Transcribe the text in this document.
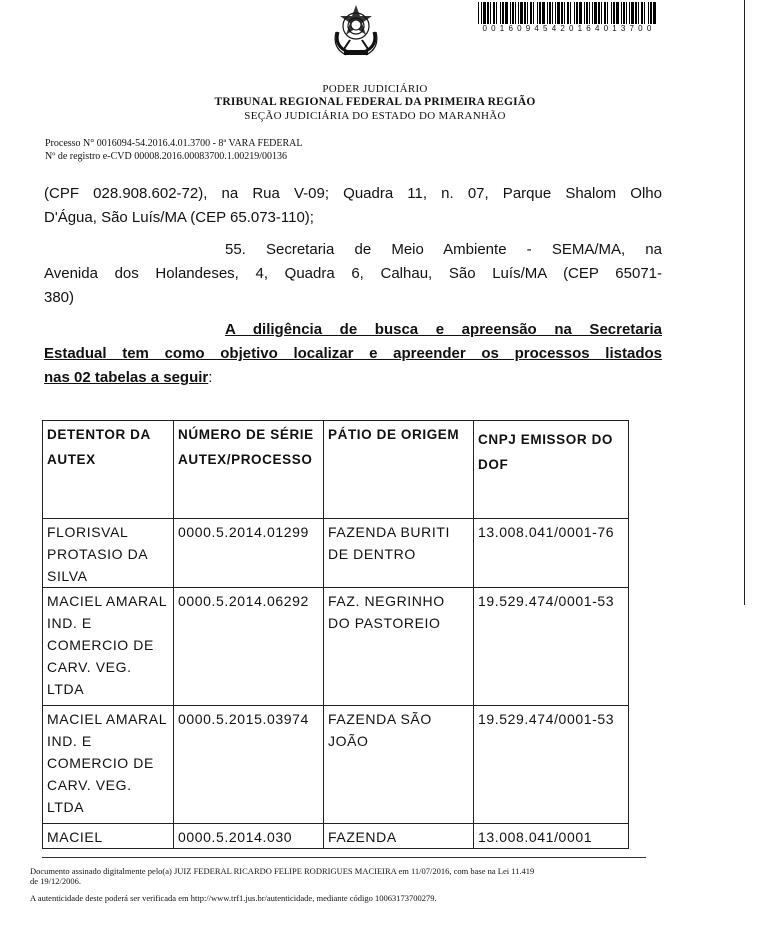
00160945420164013700
PODER JUDICIÁRIO
TRIBUNAL REGIONAL FEDERAL DA PRIMEIRA REGIÃO
SEÇÃO JUDICIÁRIA DO ESTADO DO MARANHÃO
Processo N° 0016094-54.2016.4.01.3700 - 8ª VARA FEDERAL
Nº de registro e-CVD 00008.2016.00083700.1.00219/00136
(CPF 028.908.602-72), na Rua V-09; Quadra 11, n. 07, Parque Shalom Olho
D'Água, São Luís/MA (CEP 65.073-110);
55. Secretaria de Meio Ambiente - SEMA/MA, na
Avenida dos Holandeses, 4, Quadra 6, Calhau, São Luís/MA (CEP 65071-
380)
A diligência de busca e apreensão na Secretaria
Estadual tem como objetivo localizar e apreender os processos listados
nas 02 tabelas a seguir:
DETENTOR DA AUTEX	NÚMERO DE SÉRIE AUTEX/PROCESSO	PÁTIO DE ORIGEM	CNPJ EMISSOR DO DOF
FLORISVAL PROTASIO DA SILVA	0000.5.2014.01299	FAZENDA BURITI DE DENTRO	13.008.041/0001-76
MACIEL AMARAL IND. E COMERCIO DE CARV. VEG. LTDA	0000.5.2014.06292	FAZ. NEGRINHO DO PASTOREIO	19.529.474/0001-53
MACIEL AMARAL IND. E COMERCIO DE CARV. VEG. LTDA	0000.5.2015.03974	FAZENDA SÃO JOÃO	19.529.474/0001-53
MACIEL	0000.5.2014.030	FAZENDA	13.008.041/0001
Documento assinado digitalmente pelo(a) JUIZ FEDERAL RICARDO FELIPE RODRIGUES MACIEIRA em 11/07/2016, com base na Lei 11.419
de 19/12/2006.
A autenticidade deste poderá ser verificada em http://www.trf1.jus.br/autenticidade, mediante código 10063173700279.
